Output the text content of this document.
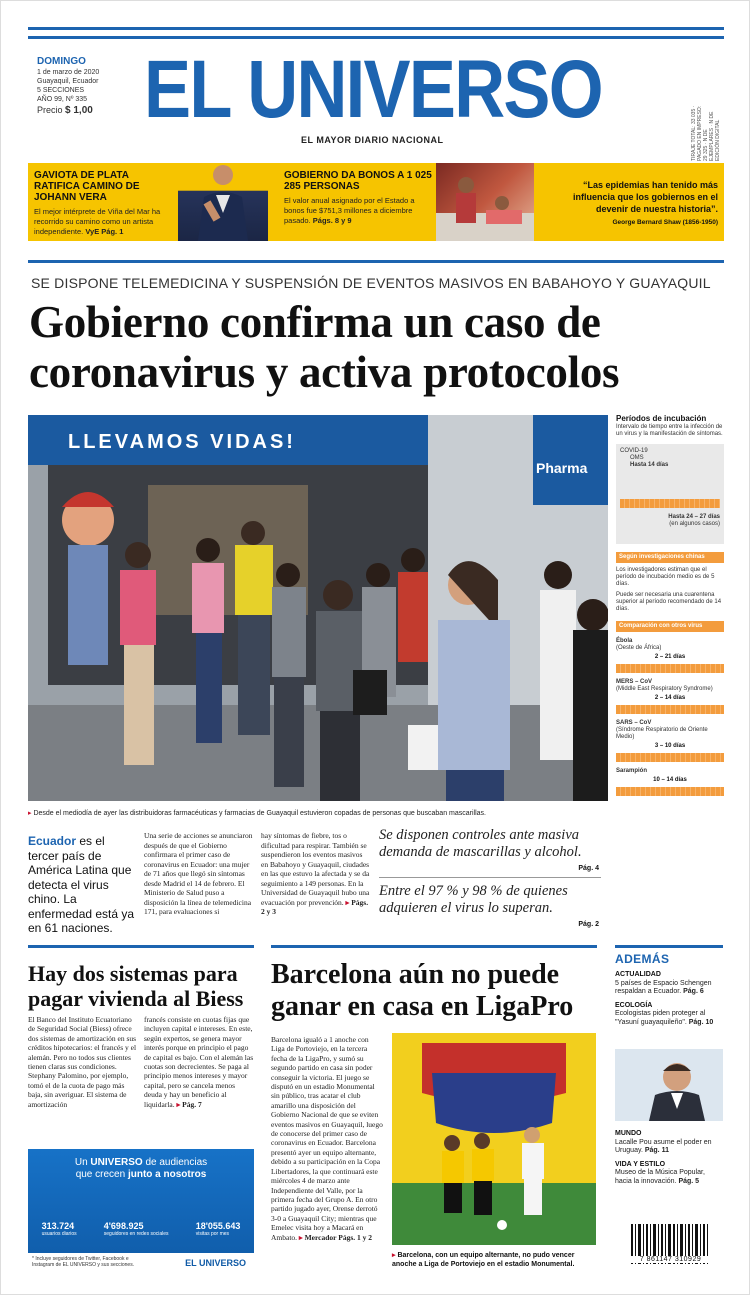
DOMINGO
1 de marzo de 2020
Guayaquil, Ecuador
5 SECCIONES
AÑO 99, Nº 335
Precio $ 1,00 EL UNIVERSO
EL MAYOR DIARIO NACIONAL	TIRAJE TOTAL: 33 035 · PAGADO EN IMPRESO: 29 325 · N DE EJEMPLARES · N DE EDICIÓN DIGITAL
GAVIOTA DE PLATA RATIFICA CAMINO DE JOHANN VERA
El mejor intérprete de Viña del Mar ha recorrido su camino como un artista independiente. VyE Pág. 1
GOBIERNO DA BONOS A 1 025 285 PERSONAS
El valor anual asignado por el Estado a bonos fue $751,3 millones a diciembre pasado. Págs. 8 y 9
“Las epidemias han tenido más influencia que los gobiernos en el devenir de nuestra historia”.
George Bernard Shaw (1856-1950)
SE DISPONE TELEMEDICINA Y SUSPENSIÓN DE EVENTOS MASIVOS EN BABAHOYO Y GUAYAQUIL
Gobierno confirma un caso de coronavirus y activa protocolos
LLEVAMOS VIDAS!
Pharma
▸ Desde el mediodía de ayer las distribuidoras farmacéuticas y farmacias de Guayaquil estuvieron copadas de personas que buscaban mascarillas.
Períodos de incubación
Intervalo de tiempo entre la infección de un virus y la manifestación de síntomas.
COVID-19
OMS
Hasta 14 días
Hasta 24 – 27 días
(en algunos casos)
Según investigaciones chinas
Los investigadores estiman que el período de incubación medio es de 5 días.
Puede ser necesaria una cuarentena superior al período recomendado de 14 días.
Comparación con otros virus
Ébola
(Oeste de África)
2 – 21 días
MERS – CoV
(Middle East Respiratory Syndrome)
2 – 14 días
SARS – CoV
(Síndrome Respiratorio de Oriente Medio)
3 – 10 días
Sarampión
10 – 14 días
Ecuador es el tercer país de América Latina que detecta el virus chino. La enfermedad está ya en 61 naciones.
Una serie de acciones se anunciaron después de que el Gobierno confirmara el primer caso de coronavirus en Ecuador: una mujer de 71 años que llegó sin síntomas desde Madrid el 14 de febrero. El Ministerio de Salud puso a disposición la línea de telemedicina 171, para evaluaciones si
hay síntomas de fiebre, tos o dificultad para respirar. También se suspendieron los eventos masivos en Babahoyo y Guayaquil, ciudades en las que estuvo la afectada y se da seguimiento a 149 personas. En la Universidad de Guayaquil hubo una evacuación por prevención. ▸ Págs. 2 y 3
Se disponen controles ante masiva demanda de mascarillas y alcohol.
Pág. 4
Entre el 97 % y 98 % de quienes adquieren el virus lo superan.
Pág. 2
Hay dos sistemas para pagar vivienda al Biess
El Banco del Instituto Ecuatoriano de Seguridad Social (Biess) ofrece dos sistemas de amortización en sus créditos hipotecarios: el francés y el alemán. Pero no todos sus clientes tienen claras sus condiciones. Stephany Palomino, por ejemplo, tomó el de la cuota de pago más baja, sin averiguar. El sistema de amortización
francés consiste en cuotas fijas que incluyen capital e intereses. En este, según expertos, se genera mayor interés porque en principio el pago de capital es bajo. Con el alemán las cuotas son decrecientes. Se paga al principio menos intereses y mayor capital, pero se cancela menos deuda y hay un beneficio al liquidarla. ▸ Pág. 7
Un UNIVERSO de audiencias
que crecen junto a nosotros
313.724
usuarios diarios
4'698.925
seguidores en redes sociales
18'055.643
visitas por mes
* Incluye seguidores de Twitter, Facebook e Instagram de EL UNIVERSO y sus secciones.	EL UNIVERSO
Barcelona aún no puede ganar en casa en LigaPro
Barcelona igualó a 1 anoche con Liga de Portoviejo, en la tercera fecha de la LigaPro, y sumó su segundo partido en casa sin poder conseguir la victoria. El juego se disputó en un estadio Monumental sin público, tras acatar el club amarillo una disposición del Gobierno Nacional de que se eviten eventos masivos en Guayaquil, luego de conocerse del primer caso de coronavirus en Ecuador. Barcelona presentó ayer un equipo alternante, debido a su participación en la Copa Libertadores, la que continuará este miércoles 4 de marzo ante Independiente del Valle, por la primera fecha del Grupo A. En otro partido jugado ayer, Orense derrotó 3-0 a Guayaquil City; mientras que Emelec visita hoy a Macará en Ambato. ▸ Mercador Págs. 1 y 2
▸ Barcelona, con un equipo alternante, no pudo vencer anoche a Liga de Portoviejo en el estadio Monumental.
ADEMÁS
ACTUALIDAD
5 países de Espacio Schengen respaldan a Ecuador. Pág. 6
ECOLOGÍA
Ecologistas piden proteger al "Yasuní guayaquileño". Pág. 10
MUNDO
Lacalle Pou asume el poder en Uruguay. Pág. 11
VIDA Y ESTILO
Museo de la Música Popular, hacia la innovación. Pág. 5
7 861147 310929
